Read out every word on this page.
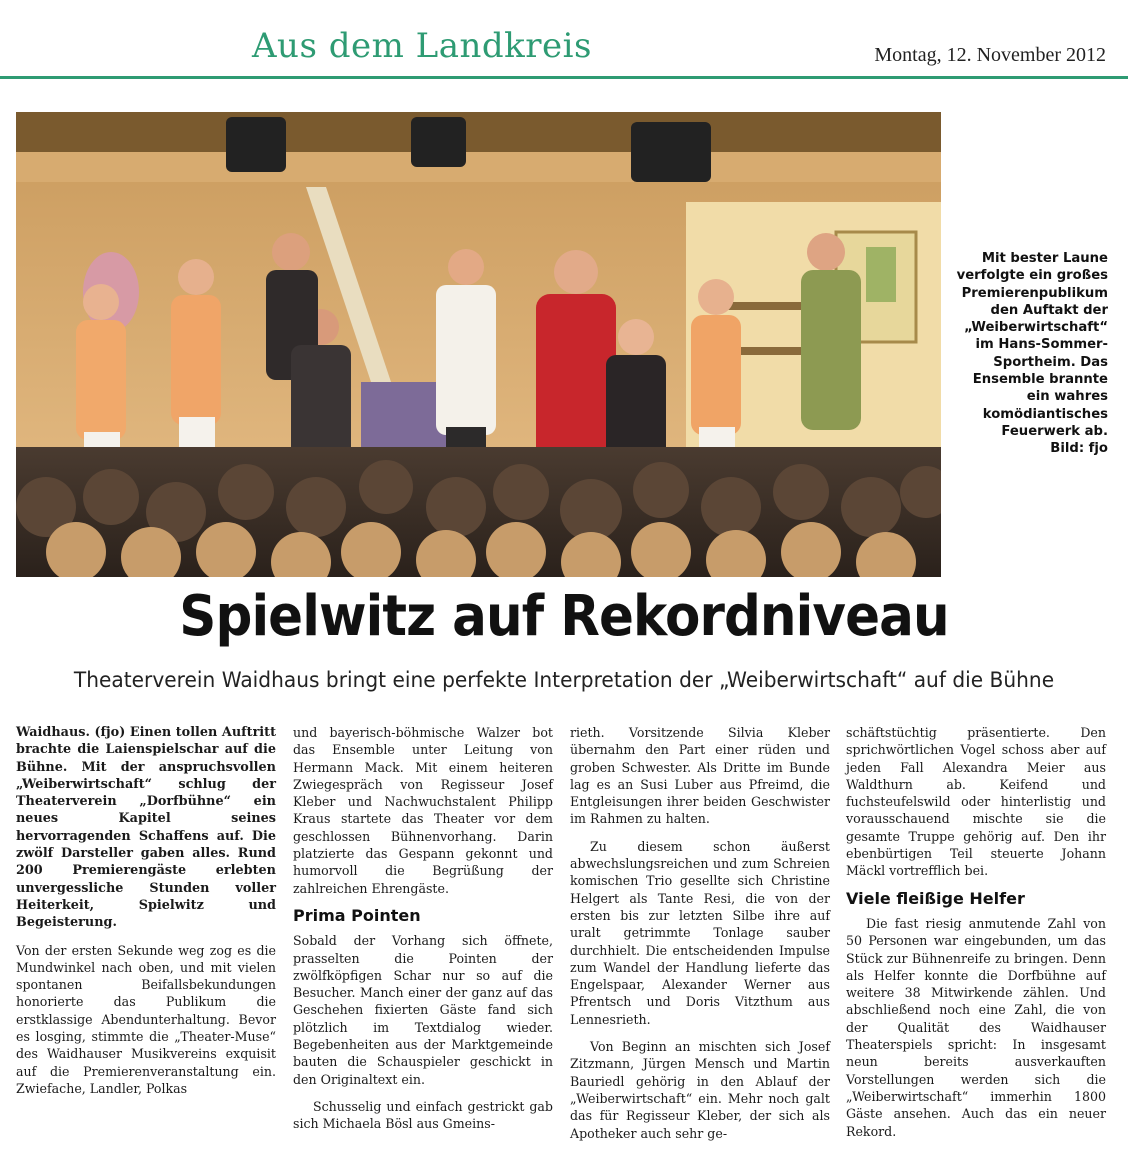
Aus dem Landkreis	Montag, 12. November 2012

Mit bester Laune verfolgte ein großes Premierenpublikum den Auftakt der „Weiberwirtschaft“ im Hans-Sommer-Sportheim. Das Ensemble brannte ein wahres komödiantisches Feuerwerk ab.
Bild: fjo

Spielwitz auf Rekordniveau

Theaterverein Waidhaus bringt eine perfekte Interpretation der „Weiberwirtschaft“ auf die Bühne

Waidhaus. (fjo) Einen tollen Auftritt brachte die Laienspielschar auf die Bühne. Mit der anspruchsvollen „Weiberwirtschaft“ schlug der Theaterverein „Dorfbühne“ ein neues Kapitel seines hervorragenden Schaffens auf. Die zwölf Darsteller gaben alles. Rund 200 Premierengäste erlebten unvergessliche Stunden voller Heiterkeit, Spielwitz und Begeisterung.

Von der ersten Sekunde weg zog es die Mundwinkel nach oben, und mit vielen spontanen Beifallsbekundungen honorierte das Publikum die erstklassige Abendunterhaltung. Bevor es losging, stimmte die „Theater-Muse“ des Waidhauser Musikvereins exquisit auf die Premierenveranstaltung ein. Zwiefache, Landler, Polkas

und bayerisch-böhmische Walzer bot das Ensemble unter Leitung von Hermann Mack. Mit einem heiteren Zwiegespräch von Regisseur Josef Kleber und Nachwuchstalent Philipp Kraus startete das Theater vor dem geschlossen Bühnenvorhang. Darin platzierte das Gespann gekonnt und humorvoll die Begrüßung der zahlreichen Ehrengäste.

Prima Pointen

Sobald der Vorhang sich öffnete, prasselten die Pointen der zwölfköpfigen Schar nur so auf die Besucher. Manch einer der ganz auf das Geschehen fixierten Gäste fand sich plötzlich im Textdialog wieder. Begebenheiten aus der Marktgemeinde bauten die Schauspieler geschickt in den Originaltext ein.

Schusselig und einfach gestrickt gab sich Michaela Bösl aus Gmeins-

rieth. Vorsitzende Silvia Kleber übernahm den Part einer rüden und groben Schwester. Als Dritte im Bunde lag es an Susi Luber aus Pfreimd, die Entgleisungen ihrer beiden Geschwister im Rahmen zu halten.

Zu diesem schon äußerst abwechslungsreichen und zum Schreien komischen Trio gesellte sich Christine Helgert als Tante Resi, die von der ersten bis zur letzten Silbe ihre auf uralt getrimmte Tonlage sauber durchhielt. Die entscheidenden Impulse zum Wandel der Handlung lieferte das Engelspaar, Alexander Werner aus Pfrentsch und Doris Vitzthum aus Lennesrieth.

Von Beginn an mischten sich Josef Zitzmann, Jürgen Mensch und Martin Bauriedl gehörig in den Ablauf der „Weiberwirtschaft“ ein. Mehr noch galt das für Regisseur Kleber, der sich als Apotheker auch sehr ge-

schäftstüchtig präsentierte. Den sprichwörtlichen Vogel schoss aber auf jeden Fall Alexandra Meier aus Waldthurn ab. Keifend und fuchsteufelswild oder hinterlistig und vorausschauend mischte sie die gesamte Truppe gehörig auf. Den ihr ebenbürtigen Teil steuerte Johann Mäckl vortrefflich bei.

Viele fleißige Helfer

Die fast riesig anmutende Zahl von 50 Personen war eingebunden, um das Stück zur Bühnenreife zu bringen. Denn als Helfer konnte die Dorfbühne auf weitere 38 Mitwirkende zählen. Und abschließend noch eine Zahl, die von der Qualität des Waidhauser Theaterspiels spricht: In insgesamt neun bereits ausverkauften Vorstellungen werden sich die „Weiberwirtschaft“ immerhin 1800 Gäste ansehen. Auch das ein neuer Rekord.
